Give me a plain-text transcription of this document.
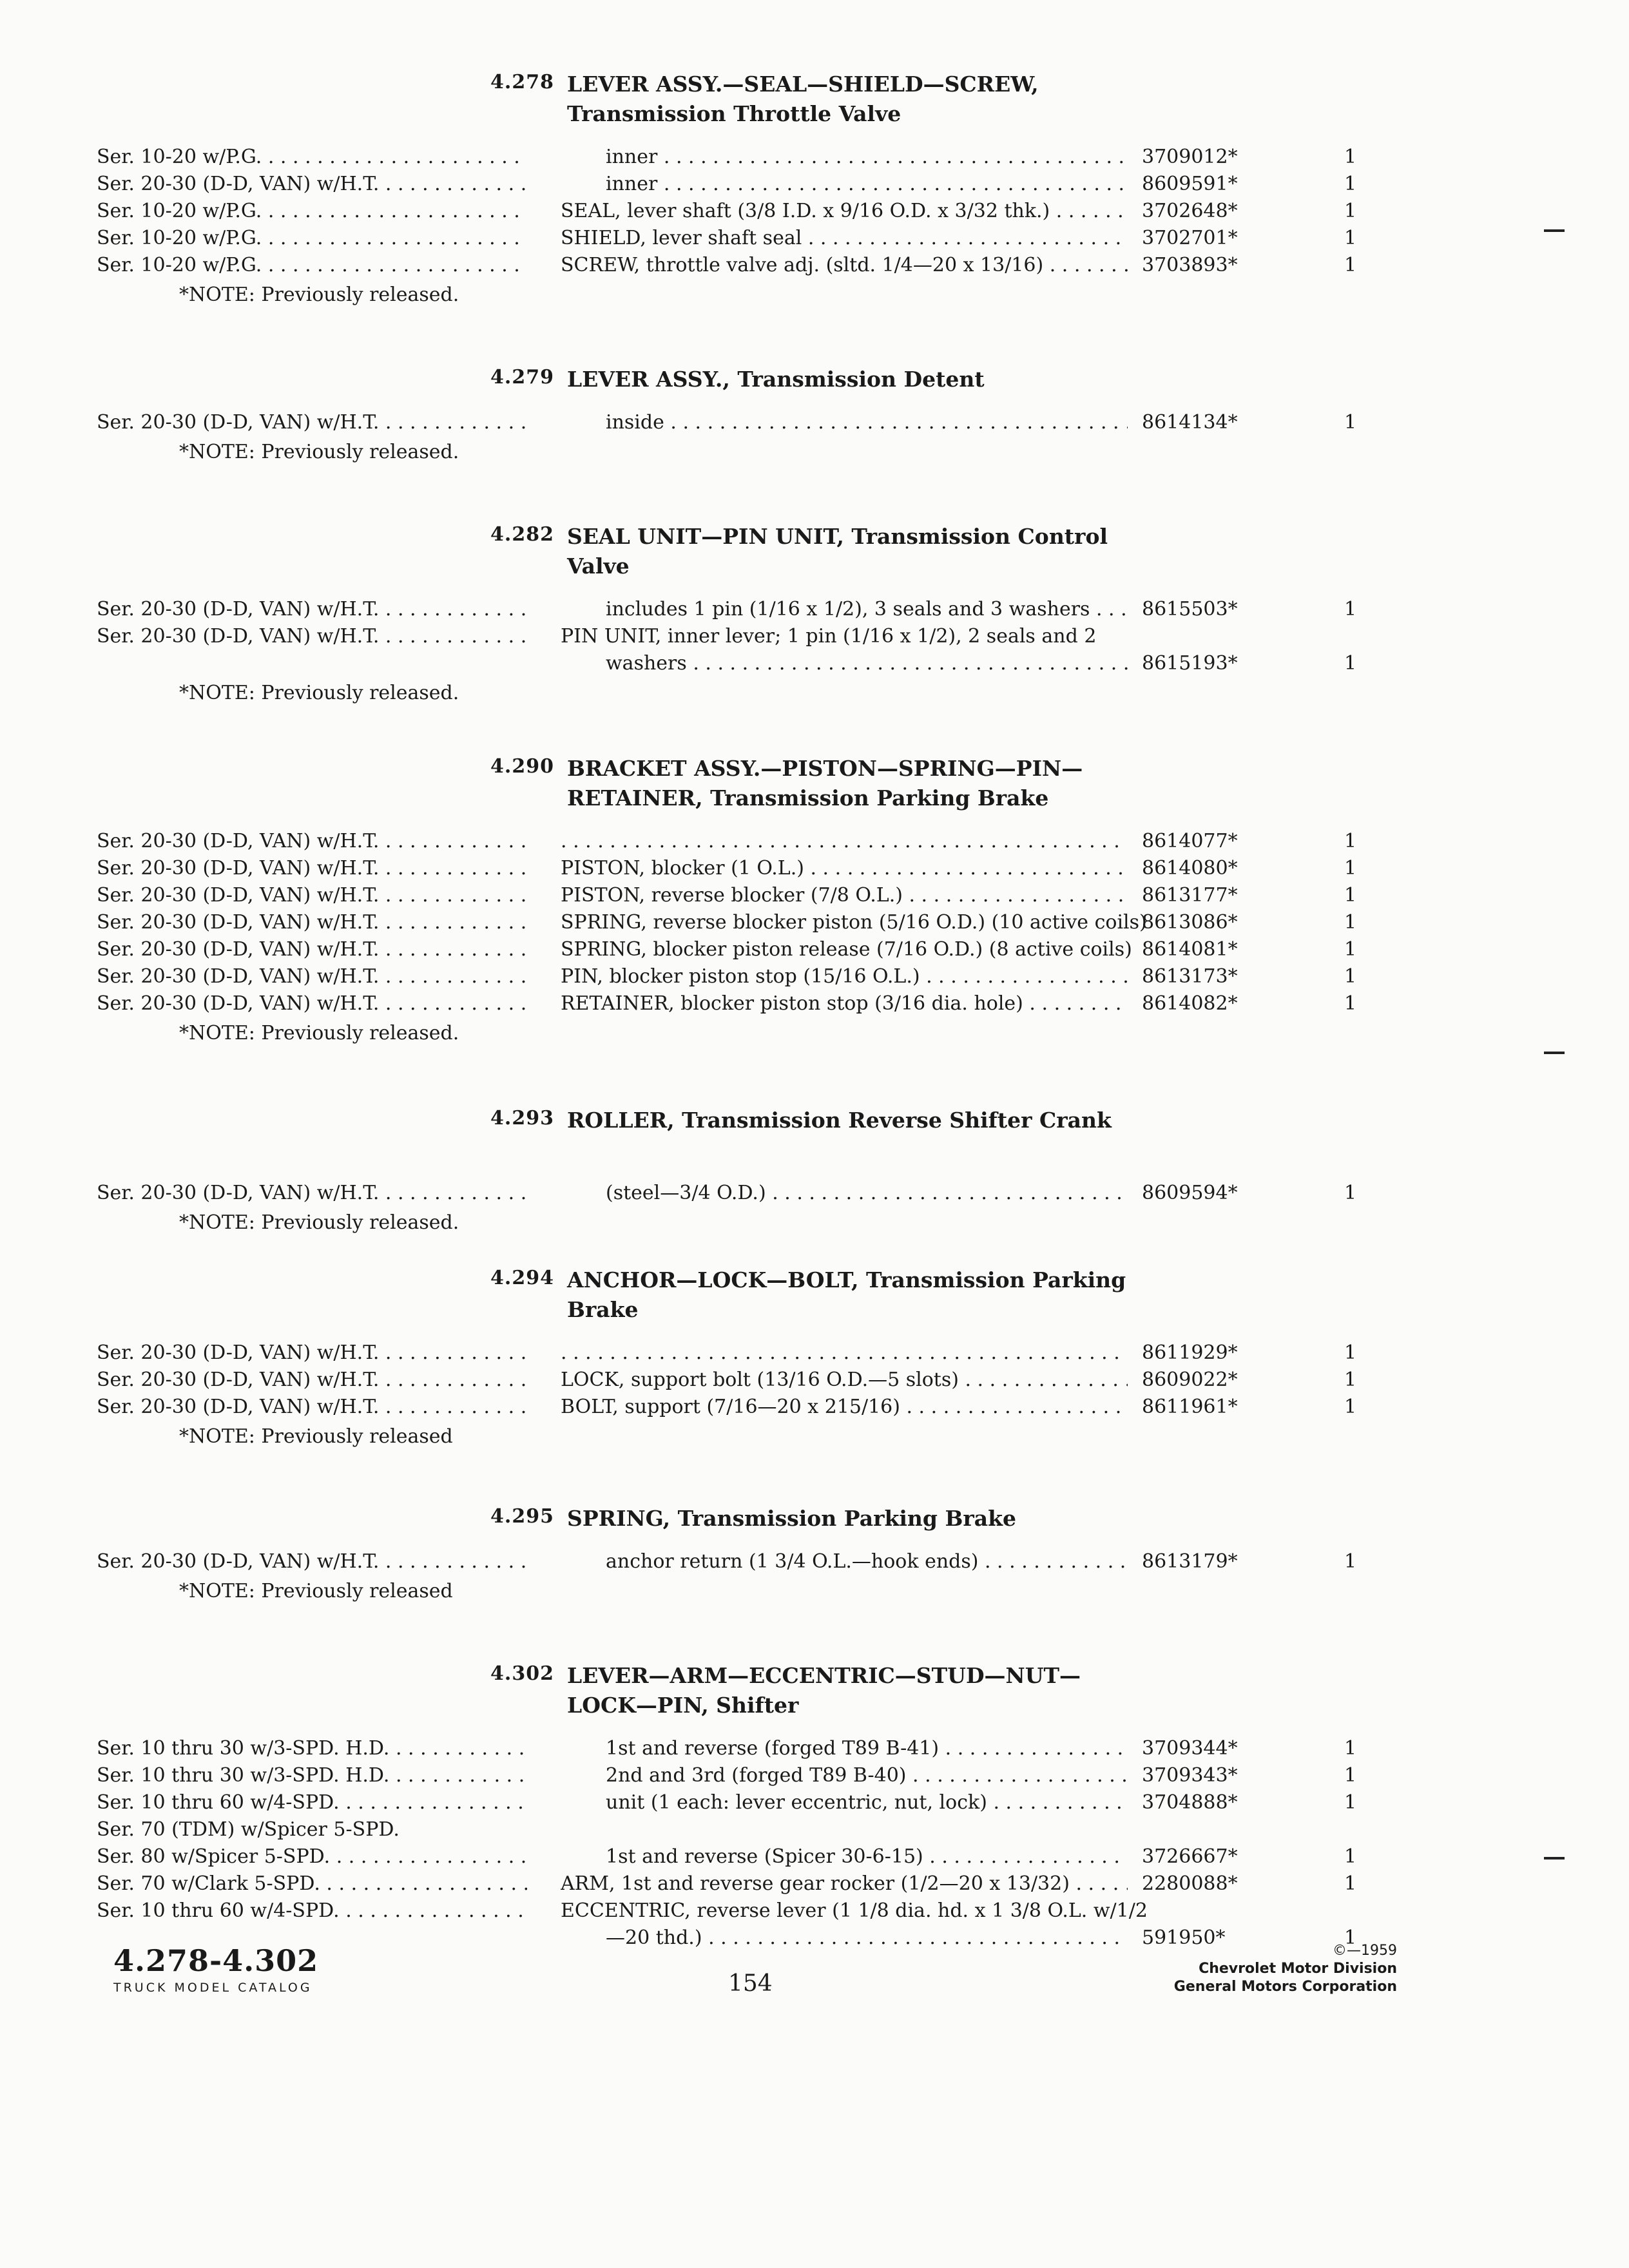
4.278 LEVER ASSY.—SEAL—SHIELD—SCREW, Transmission Throttle Valve
Ser. 10-20 w/P.G. . . .	inner . . .	3709012*	1
Ser. 20-30 (D-D, VAN) w/H.T. . . .	inner . . .	8609591*	1
Ser. 10-20 w/P.G. . . .	SEAL, lever shaft (3/8 I.D. x 9/16 O.D. x 3/32 thk.) . . .	3702648*	1
Ser. 10-20 w/P.G. . . .	SHIELD, lever shaft seal . . .	3702701*	1
Ser. 10-20 w/P.G. . . .	SCREW, throttle valve adj. (sltd. 1/4—20 x 13/16) . . .	3703893*	1
*NOTE: Previously released.
4.279 LEVER ASSY., Transmission Detent
Ser. 20-30 (D-D, VAN) w/H.T. . . .	inside . . .	8614134*	1
*NOTE: Previously released.
4.282 SEAL UNIT—PIN UNIT, Transmission Control Valve
Ser. 20-30 (D-D, VAN) w/H.T. . . .	includes 1 pin (1/16 x 1/2), 3 seals and 3 washers . . .	8615503*	1
Ser. 20-30 (D-D, VAN) w/H.T. . . .	PIN UNIT, inner lever; 1 pin (1/16 x 1/2), 2 seals and 2
washers . . .	8615193*	1
*NOTE: Previously released.
4.290 BRACKET ASSY.—PISTON—SPRING—PIN—RETAINER, Transmission Parking Brake
Ser. 20-30 (D-D, VAN) w/H.T. . . . . . .	8614077*	1
Ser. 20-30 (D-D, VAN) w/H.T. . . .	PISTON, blocker (1 O.L.) . . .	8614080*	1
Ser. 20-30 (D-D, VAN) w/H.T. . . .	PISTON, reverse blocker (7/8 O.L.) . . .	8613177*	1
Ser. 20-30 (D-D, VAN) w/H.T. . . .	SPRING, reverse blocker piston (5/16 O.D.) (10 active coils)
8613086*	1
Ser. 20-30 (D-D, VAN) w/H.T. . . .	SPRING, blocker piston release (7/16 O.D.) (8 active coils) 8614081*	1
Ser. 20-30 (D-D, VAN) w/H.T. . . .	PIN, blocker piston stop (15/16 O.L.) . . .	8613173*	1
Ser. 20-30 (D-D, VAN) w/H.T. . . .	RETAINER, blocker piston stop (3/16 dia. hole) . . .	8614082*	1
*NOTE: Previously released.
4.293 ROLLER, Transmission Reverse Shifter Crank
Ser. 20-30 (D-D, VAN) w/H.T. . . .	(steel—3/4 O.D.) . . .	8609594*	1
*NOTE: Previously released.
4.294 ANCHOR—LOCK—BOLT, Transmission Parking Brake
Ser. 20-30 (D-D, VAN) w/H.T. . . . . . .	8611929*	1
Ser. 20-30 (D-D, VAN) w/H.T. . . .	LOCK, support bolt (13/16 O.D.—5 slots) . . .	8609022*	1
Ser. 20-30 (D-D, VAN) w/H.T. . . .	BOLT, support (7/16—20 x 215/16) . . .	8611961*	1
*NOTE: Previously released
4.295 SPRING, Transmission Parking Brake
Ser. 20-30 (D-D, VAN) w/H.T. . . .	anchor return (1 3/4 O.L.—hook ends) . . .	8613179*	1
*NOTE: Previously released
4.302 LEVER—ARM—ECCENTRIC—STUD—NUT—LOCK—PIN, Shifter
Ser. 10 thru 30 w/3-SPD. H.D. . . .	1st and reverse (forged T89 B-41) . . .	3709344*	1
Ser. 10 thru 30 w/3-SPD. H.D. . . .	2nd and 3rd (forged T89 B-40) . . .	3709343*	1
Ser. 10 thru 60 w/4-SPD. . . .	unit (1 each: lever eccentric, nut, lock) . . .	3704888*	1
Ser. 70 (TDM) w/Spicer 5-SPD.
Ser. 80 w/Spicer 5-SPD. . . .	1st and reverse (Spicer 30-6-15) . . .	3726667*	1
Ser. 70 w/Clark 5-SPD. . . .	ARM, 1st and reverse gear rocker (1/2—20 x 13/32) . . .	2280088*	1
Ser. 10 thru 60 w/4-SPD. . . .	ECCENTRIC, reverse lever (1 1/8 dia. hd. x 1 3/8 O.L. w/1/2
—20 thd.) . . .	591950*	1
4.278-4.302
TRUCK MODEL CATALOG	154
©—1959
Chevrolet Motor Division
General Motors Corporation
